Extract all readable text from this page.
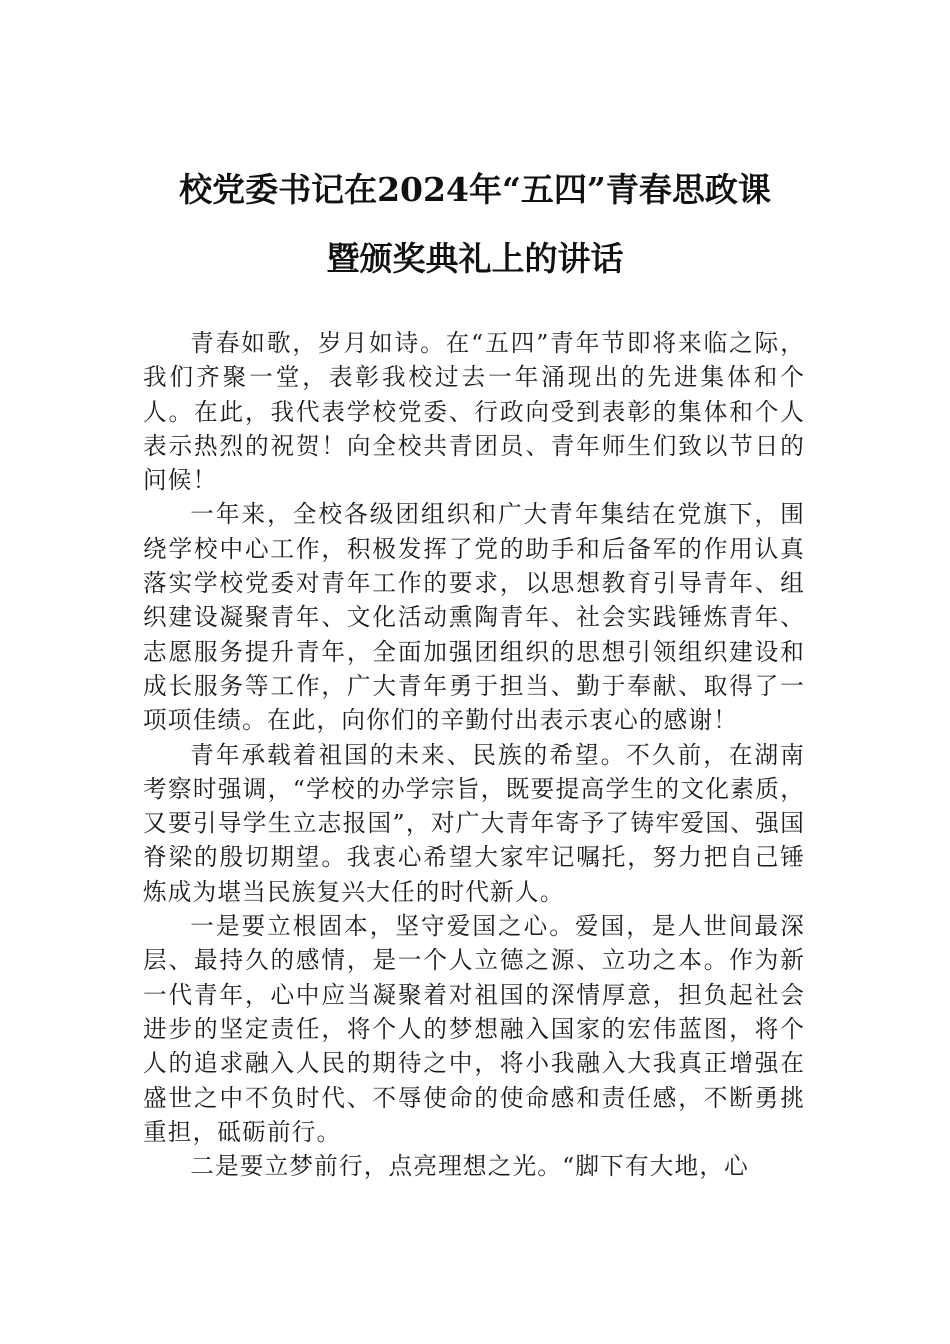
校党委书记在2024年“五四”青春思政课
暨颁奖典礼上的讲话

青春如歌，岁月如诗。在“五四”青年节即将来临之际，我们齐聚一堂，表彰我校过去一年涌现出的先进集体和个人。在此，我代表学校党委、行政向受到表彰的集体和个人表示热烈的祝贺！向全校共青团员、青年师生们致以节日的问候！

一年来，全校各级团组织和广大青年集结在党旗下，围绕学校中心工作，积极发挥了党的助手和后备军的作用认真落实学校党委对青年工作的要求，以思想教育引导青年、组织建设凝聚青年、文化活动熏陶青年、社会实践锤炼青年、志愿服务提升青年，全面加强团组织的思想引领组织建设和成长服务等工作，广大青年勇于担当、勤于奉献、取得了一项项佳绩。在此，向你们的辛勤付出表示衷心的感谢！

青年承载着祖国的未来、民族的希望。不久前，在湖南考察时强调，“学校的办学宗旨，既要提高学生的文化素质，又要引导学生立志报国”，对广大青年寄予了铸牢爱国、强国脊梁的殷切期望。我衷心希望大家牢记嘱托，努力把自己锤炼成为堪当民族复兴大任的时代新人。

一是要立根固本，坚守爱国之心。爱国，是人世间最深层、最持久的感情，是一个人立德之源、立功之本。作为新一代青年，心中应当凝聚着对祖国的深情厚意，担负起社会进步的坚定责任，将个人的梦想融入国家的宏伟蓝图，将个人的追求融入人民的期待之中，将小我融入大我真正增强在盛世之中不负时代、不辱使命的使命感和责任感，不断勇挑重担，砥砺前行。

二是要立梦前行，点亮理想之光。“脚下有大地，心
